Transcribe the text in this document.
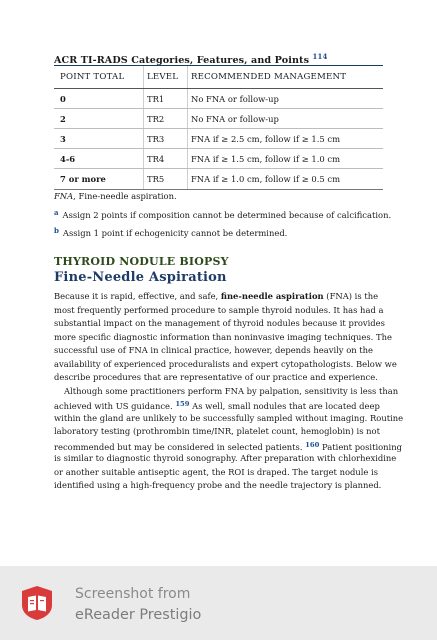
ACR TI-RADS Categories, Features, and Points $^{114}$
POINT TOTAL	LEVEL	RECOMMENDED MANAGEMENT
0	TR1	No FNA or follow-up
2	TR2	No FNA or follow-up
3	TR3	FNA if ≥ 2.5 cm, follow if ≥ 1.5 cm
4-6	TR4	FNA if ≥ 1.5 cm, follow if ≥ 1.0 cm
7 or more	TR5	FNA if ≥ 1.0 cm, follow if ≥ 0.5 cm
FNA, Fine-needle aspiration.
$^a$ Assign 2 points if composition cannot be determined because of calcification.
$^b$ Assign 1 point if echogenicity cannot be determined.
THYROID NODULE BIOPSY
Fine-Needle Aspiration
Because it is rapid, effective, and safe, fine-needle aspiration (FNA) is the
most frequently performed procedure to sample thyroid nodules. It has had a
substantial impact on the management of thyroid nodules because it provides
more specific diagnostic information than noninvasive imaging techniques. The
successful use of FNA in clinical practice, however, depends heavily on the
availability of experienced proceduralists and expert cytopathologists. Below we
describe procedures that are representative of our practice and experience.
Although some practitioners perform FNA by palpation, sensitivity is less than
achieved with US guidance. $^{159}$ As well, small nodules that are located deep
within the gland are unlikely to be successfully sampled without imaging. Routine
laboratory testing (prothrombin time/INR, platelet count, hemoglobin) is not
recommended but may be considered in selected patients. $^{160}$ Patient positioning
is similar to diagnostic thyroid sonography. After preparation with chlorhexidine
or another suitable antiseptic agent, the ROI is draped. The target nodule is
identified using a high-frequency probe and the needle trajectory is planned.
Screenshot from
eReader Prestigio
